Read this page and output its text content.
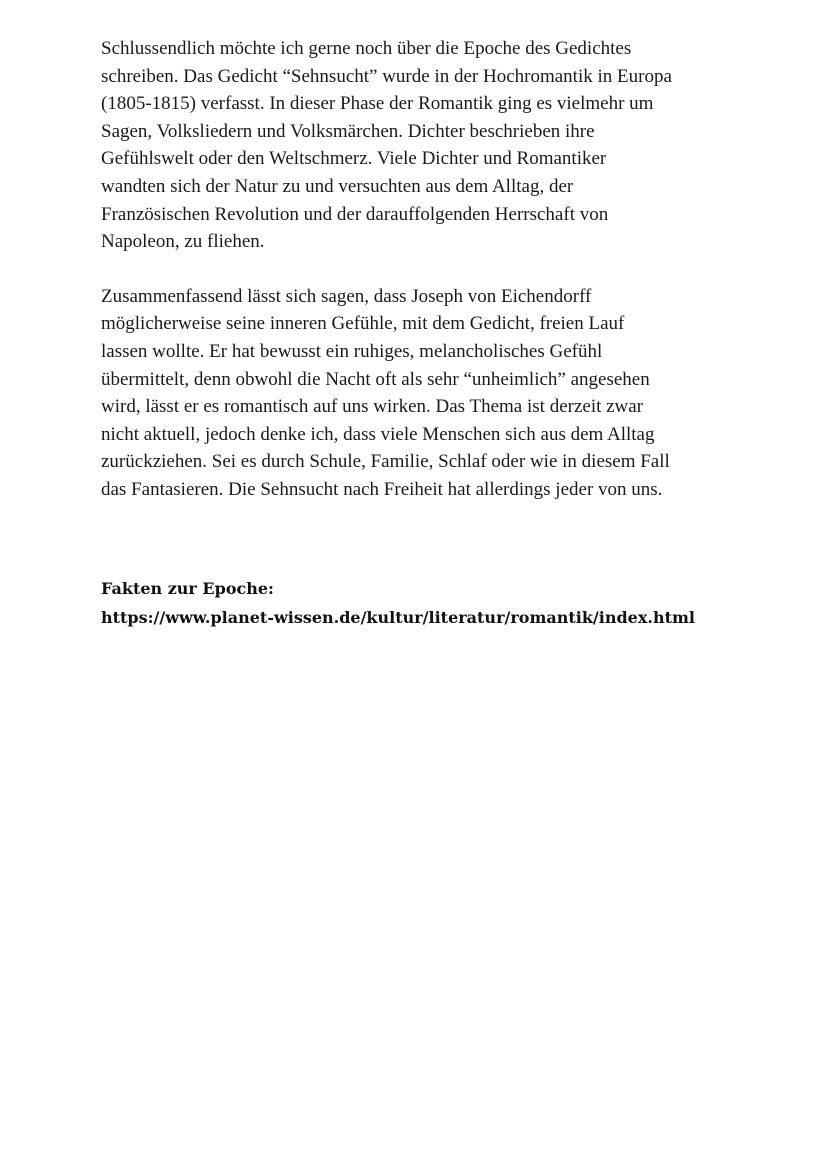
Schlussendlich möchte ich gerne noch über die Epoche des Gedichtes
schreiben. Das Gedicht “Sehnsucht” wurde in der Hochromantik in Europa
(1805-1815) verfasst. In dieser Phase der Romantik ging es vielmehr um
Sagen, Volksliedern und Volksmärchen. Dichter beschrieben ihre
Gefühlswelt oder den Weltschmerz. Viele Dichter und Romantiker
wandten sich der Natur zu und versuchten aus dem Alltag, der
Französischen Revolution und der darauffolgenden Herrschaft von
Napoleon, zu fliehen.

Zusammenfassend lässt sich sagen, dass Joseph von Eichendorff
möglicherweise seine inneren Gefühle, mit dem Gedicht, freien Lauf
lassen wollte. Er hat bewusst ein ruhiges, melancholisches Gefühl
übermittelt, denn obwohl die Nacht oft als sehr “unheimlich” angesehen
wird, lässt er es romantisch auf uns wirken. Das Thema ist derzeit zwar
nicht aktuell, jedoch denke ich, dass viele Menschen sich aus dem Alltag
zurückziehen. Sei es durch Schule, Familie, Schlaf oder wie in diesem Fall
das Fantasieren. Die Sehnsucht nach Freiheit hat allerdings jeder von uns.

Fakten zur Epoche:
https://www.planet-wissen.de/kultur/literatur/romantik/index.html
